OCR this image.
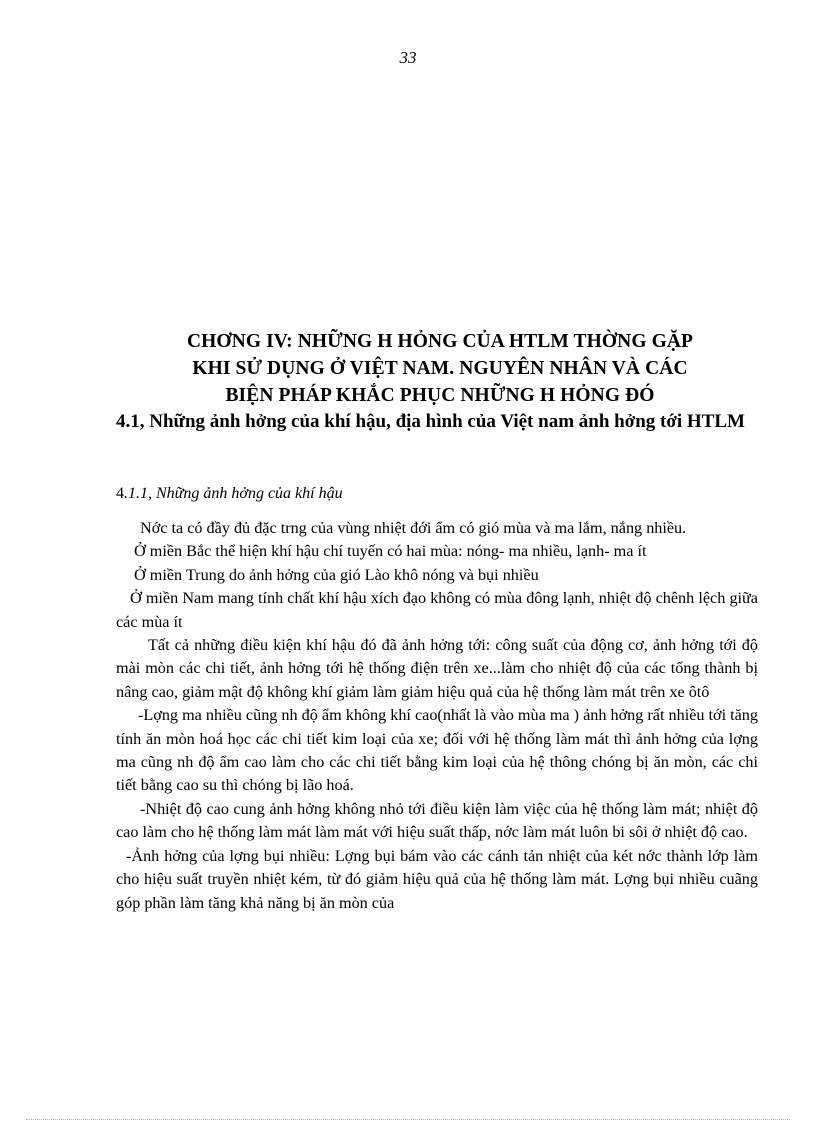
33
CHƠNG IV: NHỮNG H HỎNG CỦA HTLM THỜNG GẶP
KHI SỬ DỤNG Ở VIỆT NAM. NGUYÊN NHÂN VÀ CÁC
BIỆN PHÁP KHẮC PHỤC NHỮNG H HỎNG ĐÓ
4.1, Những ảnh hởng của khí hậu, địa hình của Việt nam ảnh hởng tới HTLM
4.1.1, Những ảnh hởng của khí hậu

Nớc ta có đầy đủ đặc trng của vùng nhiệt đới ẩm có gió mùa và ma lắm, nắng nhiều.

Ở miền Bắc thể hiện khí hậu chí tuyến có hai mùa: nóng- ma nhiều, lạnh- ma ít

Ở miền Trung do ảnh hởng của gió Lào khô nóng và bụi nhiều

Ở miền Nam mang tính chất khí hậu xích đạo không có mùa đông lạnh, nhiệt độ chênh lệch giữa các mùa ít

Tất cả những điều kiện khí hậu đó đã ảnh hởng tới: công suất của động cơ, ảnh hởng tới độ mài mòn các chi tiết, ảnh hởng tới hệ thống điện trên xe...làm cho nhiệt độ của các tổng thành bị nâng cao, giảm mật độ không khí giảm làm giảm hiệu quả của hệ thống làm mát trên xe ôtô

-Lợng ma nhiều cũng nh độ ẩm không khí cao(nhất là vào mùa ma ) ảnh hởng rất nhiều tới tăng tính ăn mòn hoá học các chi tiết kim loại của xe; đối với hệ thống làm mát thì ảnh hởng của lợng ma cũng nh độ ẩm cao làm cho các chi tiết bằng kim loại của hệ thông chóng bị ăn mòn, các chi tiết bằng cao su thì chóng bị lão hoá.

-Nhiệt độ cao cung ảnh hởng không nhỏ tới điều kiện làm việc của hệ thống làm mát; nhiệt độ cao làm cho hệ thống làm mát làm mát với hiệu suất thấp, nớc làm mát luôn bi sôi ở nhiệt độ cao.

-Ảnh hởng của lợng bụi nhiều: Lợng bụi bám vào các cánh tản nhiệt của két nớc thành lớp làm cho hiệu suất truyền nhiệt kém, từ đó giảm hiệu quả của hệ thống làm mát. Lợng bụi nhiều cuãng góp phần làm tăng khả năng bị ăn mòn của
